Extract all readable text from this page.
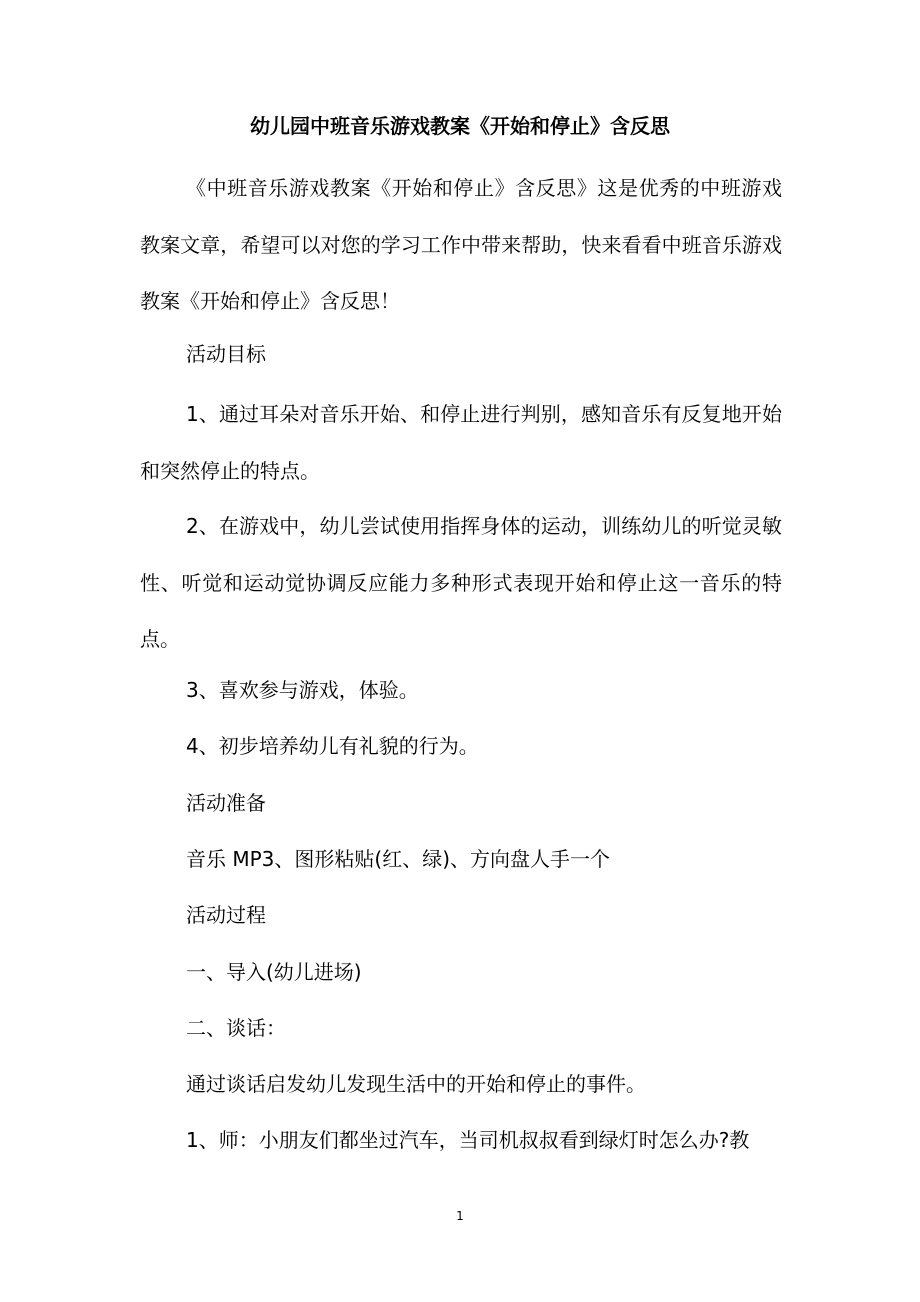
幼儿园中班音乐游戏教案《开始和停止》含反思
《中班音乐游戏教案《开始和停止》含反思》这是优秀的中班游戏教案文章，希望可以对您的学习工作中带来帮助，快来看看中班音乐游戏教案《开始和停止》含反思！
活动目标
1、通过耳朵对音乐开始、和停止进行判别，感知音乐有反复地开始和突然停止的特点。
2、在游戏中，幼儿尝试使用指挥身体的运动，训练幼儿的听觉灵敏性、听觉和运动觉协调反应能力多种形式表现开始和停止这一音乐的特点。
3、喜欢参与游戏，体验。
4、初步培养幼儿有礼貌的行为。
活动准备
音乐 MP3、图形粘贴(红、绿)、方向盘人手一个
活动过程
一、导入(幼儿进场)
二、谈话：
通过谈话启发幼儿发现生活中的开始和停止的事件。
1、师：小朋友们都坐过汽车，当司机叔叔看到绿灯时怎么办?教
1
